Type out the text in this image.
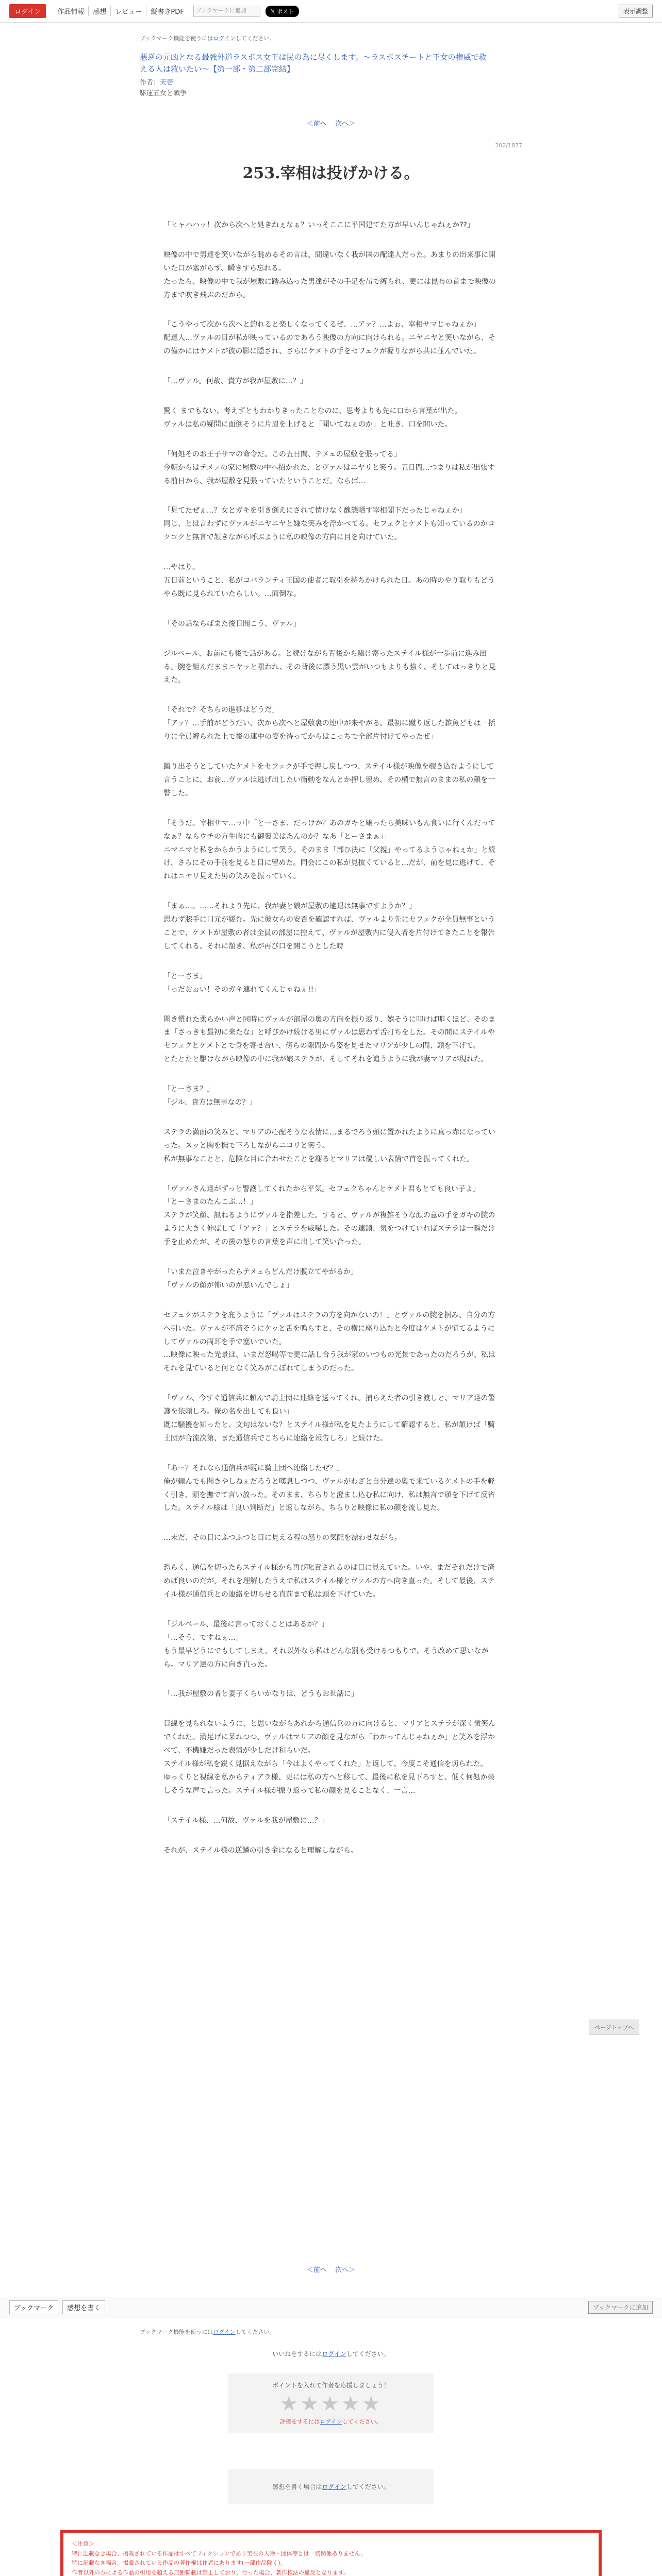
ログイン	作品情報	感想	レビュー	縦書きPDF	ブックマークに追加	𝕏 ポスト	表示調整
ブックマーク機能を使うにはログインしてください。
悪逆の元凶となる最強外道ラスボス女王は民の為に尽くします。～ラスボスチートと王女の権威で救える人は救いたい～【第一部・第二部完結】
作者：天壱
駆運五女と戦争
＜前へ 次へ＞
302/1877
253.宰相は投げかける。

「ヒャハハッ！次から次へと処きねぇなぁ？いっそここに平国建てた方が早いんじゃねぇか??」

映像の中で男達を笑いながら眺めるその言は、間違いなく我が国の配達人だった。あまりの出来事に開いた口が塞がらず、瞬きすら忘れる。
たったら、映像の中で我が屋敷に踏み込った男達がその手足を吊で縛られ、更には昆布の首まで映像の方まで吹き飛ぶのだから。

「こうやって次から次へと釣れると楽しくなってくるぜ、…アァ？…よぉ、宰相サマじゃねぇか」
配達人…ヴァルの目が私が映っているのであろう映像の方向に向けられる。ニヤニヤと笑いながら、その僅かにはケメトが彼の影に隠され、さらにケメトの手をセフェクが握りながら共に並んでいた。

「…ヴァル。何故、貴方が我が屋敷に…？」

驚く までもない、考えずともわかりきったことなのに、思考よりも先に口から言葉が出た。
ヴァルは私の疑問に面倒そうに片眉を上げると「聞いてねぇのか」と吐き、口を開いた。

「何処そのお王子サマの命令だ。この五日間、テメェの屋敷を張ってる」
今朝からはテメェの家に屋敷の中へ招かれた、とヴァルはニヤリと笑う。五日間…つまりは私が出張する前日から、我が屋敷を見張っていたということだ。ならば…

「見てたぜぇ…？女とガキを引き倒えにされて情けなく醜態晒す宰相閣下だったじゃねぇか」
同じ、とは言わずにヴァルがニヤニヤと嫌な笑みを浮かべてる。セフェクとケメトも知っているのかコクコクと無言で頷きながら呼ぶように私の映像の方向に目を向けていた。

…やはり。
五日前ということ、私がコバランティ王国の使者に取引を持ちかけられた日。あの時のやり取りもどうやら既に見られていたらしい。…面倒な。

「その話ならばまた後日聞こう、ヴァル」

ジルベール、お前にも後で話がある。と続けながら背後から駆け寄ったステイル様が一歩前に進み出る。腕を組んだままニヤッと嗤われ、その背後に漂う黒い雲がいつもよりも強く、そしてはっきりと見えた。

「それで？そちらの進捗はどうだ」
「アァ？…手前がどうだい、次から次へと屋敷裏の連中が来やがる。最初に蹴り返した雑魚どもは一括りに全員縛られた上で後の連中の姿を待ってからはこっちで全部片付けてやったぜ」

蹴り出そうとしていたケメトをセフェクが手で押し戻しつつ、ステイル様が映像を覗き込むようにして言うことに、お前…ヴァルは逃げ出したい衝動をなんとか押し留め、その横で無言のままの私の顔を一瞥した。

「そうだ。宰相サマ…ッ中「とーさま、だっけか？あのガキと嬢ったら美味いもん食いに行くんだってなぁ？ならウチの方牛肉にも御褒美はあんのか？なあ「とーさまぁ」」
ニマニマと私をからかうようにして笑う。そのまま「部ひ決に「父親」やってるようじゃねぇか」と続け、さらにその手前を見ると目に留めた。同会にこの私が見抜くていると…だが、前を見に逃げて、それはニヤリ見えた男の笑みを振っていく。

「まぁ…。……それより先に、我が妻と娘が屋敷の避退は無事ですようか？」
思わず膝手に口元が緩む。先に彼女らの安否を確認すれば、ヴァルより先にセフェクが全員無事ということで、ケメトが屋敷の者は全員の部屋に控えて、ヴァルが屋敷内に侵入者を片付けてきたことを報告してくれる。それに頷き、私が再び口を開こうとした時

「とーさま」
「っだおぉい！そのガキ連れてくんじゃねぇ!!」

聞き慣れた柔らかい声と同時にヴァルが部屋の奥の方向を振り返り、嬉そうに叩けば叩くほど、そのまま「さっきも最初に来たな」と呼びかけ続ける男にヴァルは思わず舌打ちをした。その間にステイルやセフェクとケメトとで身を寄せ合い、傍らの隙間から姿を見せたマリアが少しの間、頭を下げて。
とたとたと駆けながら映像の中に我が娘ステラが、そしてそれを追うように我が妻マリアが現れた。

「とーさま？」
「ジル、貴方は無事なの？」

ステラの満面の笑みと、マリアの心配そうな表情に…まるでろう頭に置かれたように真っ赤になっていった。スッと胸を撫で下ろしながらニコリと笑う。
私が無事なことと、危険な目に合わせたことを謝るとマリアは優しい表情で首を振ってくれた。

「ヴァルさん達がずっと警護してくれたから平気。セフェクちゃんとケメト君もとても良い子よ」
「とーさまのたんこぶ…！」
ステラが笑顔、訊ねるようにヴァルを指差した。すると、ヴァルが複雑そうな顔の意の手をガキの腕のように大きく伸ばして「アァ？」とステラを威嚇した。その連鎖、気をつけていればステラは一瞬だけ手を止めたが、その後の怒りの言葉を声に出して笑い合った。

「いまた泣きやがったらテメェらどんだけ腹立てやがるか」
「ヴァルの顔が怖いのが悪いんでしょ」

セフェクがステラを庇うように「ヴァルはステラの方を向かないの！」とヴァルの腕を掴み、自分の方へ引いた。ヴァルが不満そうにケッと舌を鳴らすと、その横に座り込むと今度はケメトが慌てるようにしてヴァルの両耳を手で塞いでいた。
…映像に映った光景は、いまだ怒喝等で更に話し合う我が家のいつもの光景であったのだろうが、私はそれを見ていると何となく笑みがこぼれてしまうのだった。

「ヴァル、今すぐ通信兵に頼んで騎士団に連絡を送ってくれ。捕らえた者の引き渡しと、マリア達の警護を依頼しろ。俺の名を出しても良い」
既に騒擾を知ったと、文句はないな？とステイル様が私を見たようにして確認すると、私が頷けば「騎士団が合流次第、また通信兵でこちらに連絡を報告しろ」と続けた。

「あー？それなら通信兵が既に騎士団へ連絡したぜ？」
俺が頼んでも聞きやしねぇだろうと嘆息しつつ、ヴァルがわざと自分達の奥で来ているケメトの手を軽く引き、頭を撫でて言い放った。そのまま、ちらりと澄まし込む私に向け、私は無言で頭を下げて反省した。ステイル様は「良い判断だ」と返しながら、ちらりと映像に私の顔を流し見た。

…未だ、その目にふつふつと目に見える程の怒りの気配を漂わせながら。

恐らく、通信を切ったらステイル様から再び叱責されるのは目に見えていた。いや、まだそれだけで済めば良いのだが。それを理解したうえで私はステイル様とヴァルの方へ向き直った。そして最後、ステイル様が通信兵との連絡を切らせる直前まで私は頭を下げていた。

「ジルベール、最後に言っておくことはあるか？」
「…そう、ですねぇ…」
もう最早どうにでもしてしまえ。それ以外なら私はどんな罰も受けるつもりで、そう改めて思いながら。マリア達の方に向き直った。

「…我が屋敷の者と妻子くらいかなりは、どうもお世話に」

目線を見られないように、と思いながらあれから通信兵の方に向けると、マリアとステラが深く微笑んでくれた。満足げに呆れつつ、ヴァルはマリアの顔を見ながら「わかってんじゃねぇか」と笑みを浮かべて、不機嫌だった表情が少しだけ和らいだ。
ステイル様が私を鋭く見据えながら「今はよくやってくれた」と返して、今度こそ通信を切られた。
ゆっくりと視線を私からティアラ様、更には私の方へと移して、最後に私を見下ろすと、低く何処か楽しそうな声で言った。ステイル様が振り返って私の顔を見ることなく、一言…

「ステイル様、…何故、ヴァルを我が屋敷に…？」

それが、ステイル様の逆鱗の引き金になると理解しながら。

＜前へ 次へ＞
ページトップへ
ブックマーク	感想を書く	ブックマークに追加
ブックマーク機能を使うにはログインしてください。
いいねをするにはログインしてください。
ポイントを入れて作者を応援しましょう！
★★★★★
評価をするにはログインしてください。
感想を書く場合はログインしてください。
＜注意＞
特に記載なき場合、掲載されている作品はすべてフィクションであり実在の人物・団体等とは一切関係ありません。
特に記載なき場合、掲載されている作品の著作権は作者にあります(一部作品除く)。
作者以外の方による作品の引用を超える無断転載は禁止しており、行った場合、著作権法の違反となります。
